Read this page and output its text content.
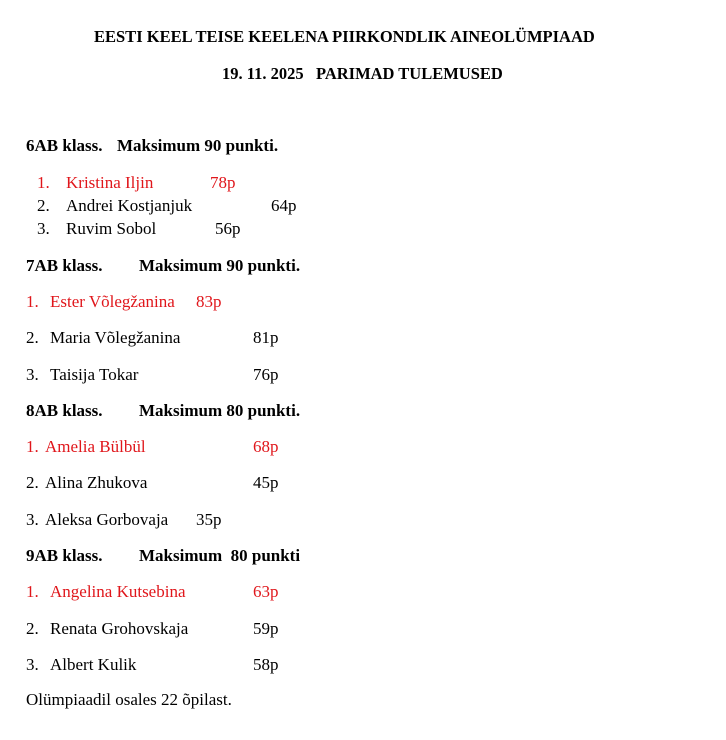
EESTI KEEL TEISE KEELENA PIIRKONDLIK AINEOLÜMPIAAD
19. 11. 2025   PARIMAD TULEMUSED
6AB klass. Maksimum 90 punkti.
1. Kristina Iljin	78p
2. Andrei Kostjanjuk	64p
3. Ruvim Sobol	56p
7AB klass. Maksimum 90 punkti.
1. Ester Võlegžanina 83p
2. Maria Võlegžanina	81p
3. Taisija Tokar	76p
8AB klass. Maksimum 80 punkti.
1. Amelia Bülbül	68p
2. Alina Zhukova	45p
3. Aleksa Gorbovaja 35p
9AB klass. Maksimum  80 punkti
1. Angelina Kutsebina	63p
2. Renata Grohovskaja	59p
3. Albert Kulik	58p
Olümpiaadil osales 22 õpilast.
